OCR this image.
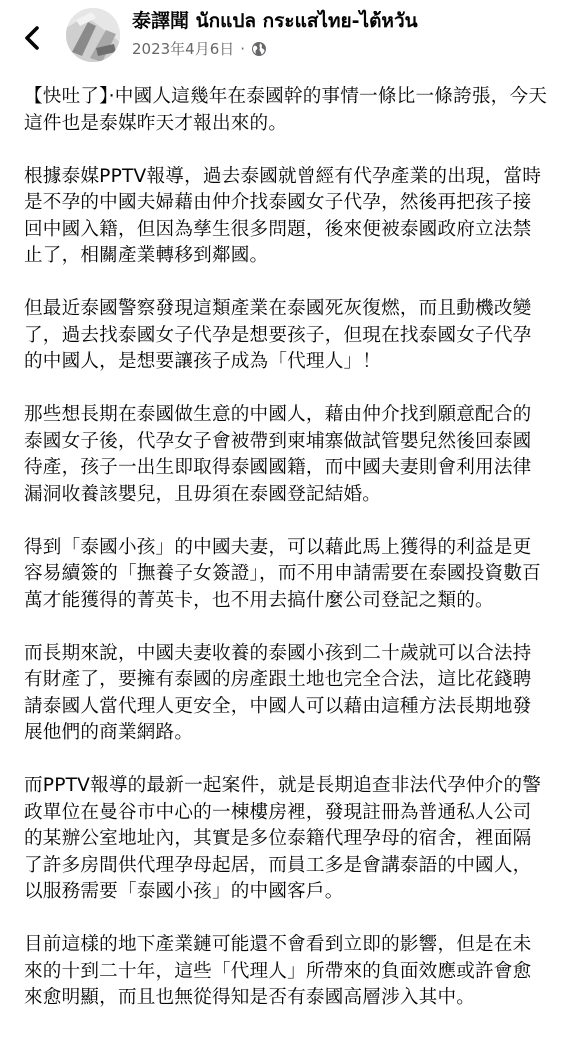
泰譯聞 นักแปล กระแสไทย-ไต้หวัน
2023年4月6日 ·

【快吐了】‧中國人這幾年在泰國幹的事情一條比一條誇張，今天這件也是泰媒昨天才報出來的。

根據泰媒PPTV報導，過去泰國就曾經有代孕產業的出現，當時是不孕的中國夫婦藉由仲介找泰國女子代孕，然後再把孩子接回中國入籍，但因為孳生很多問題，後來便被泰國政府立法禁止了，相關產業轉移到鄰國。

但最近泰國警察發現這類產業在泰國死灰復燃，而且動機改變了，過去找泰國女子代孕是想要孩子，但現在找泰國女子代孕的中國人，是想要讓孩子成為「代理人」！

那些想長期在泰國做生意的中國人，藉由仲介找到願意配合的泰國女子後，代孕女子會被帶到柬埔寨做試管嬰兒然後回泰國待產，孩子一出生即取得泰國國籍，而中國夫妻則會利用法律漏洞收養該嬰兒，且毋須在泰國登記結婚。

得到「泰國小孩」的中國夫妻，可以藉此馬上獲得的利益是更容易續簽的「撫養子女簽證」，而不用申請需要在泰國投資數百萬才能獲得的菁英卡，也不用去搞什麼公司登記之類的。

而長期來說，中國夫妻收養的泰國小孩到二十歲就可以合法持有財產了，要擁有泰國的房產跟土地也完全合法，這比花錢聘請泰國人當代理人更安全，中國人可以藉由這種方法長期地發展他們的商業網路。

而PPTV報導的最新一起案件，就是長期追查非法代孕仲介的警政單位在曼谷市中心的一棟樓房裡，發現註冊為普通私人公司的某辦公室地址內，其實是多位泰籍代理孕母的宿舍，裡面隔了許多房間供代理孕母起居，而員工多是會講泰語的中國人，以服務需要「泰國小孩」的中國客戶。

目前這樣的地下產業鏈可能還不會看到立即的影響，但是在未來的十到二十年，這些「代理人」所帶來的負面效應或許會愈來愈明顯，而且也無從得知是否有泰國高層涉入其中。
